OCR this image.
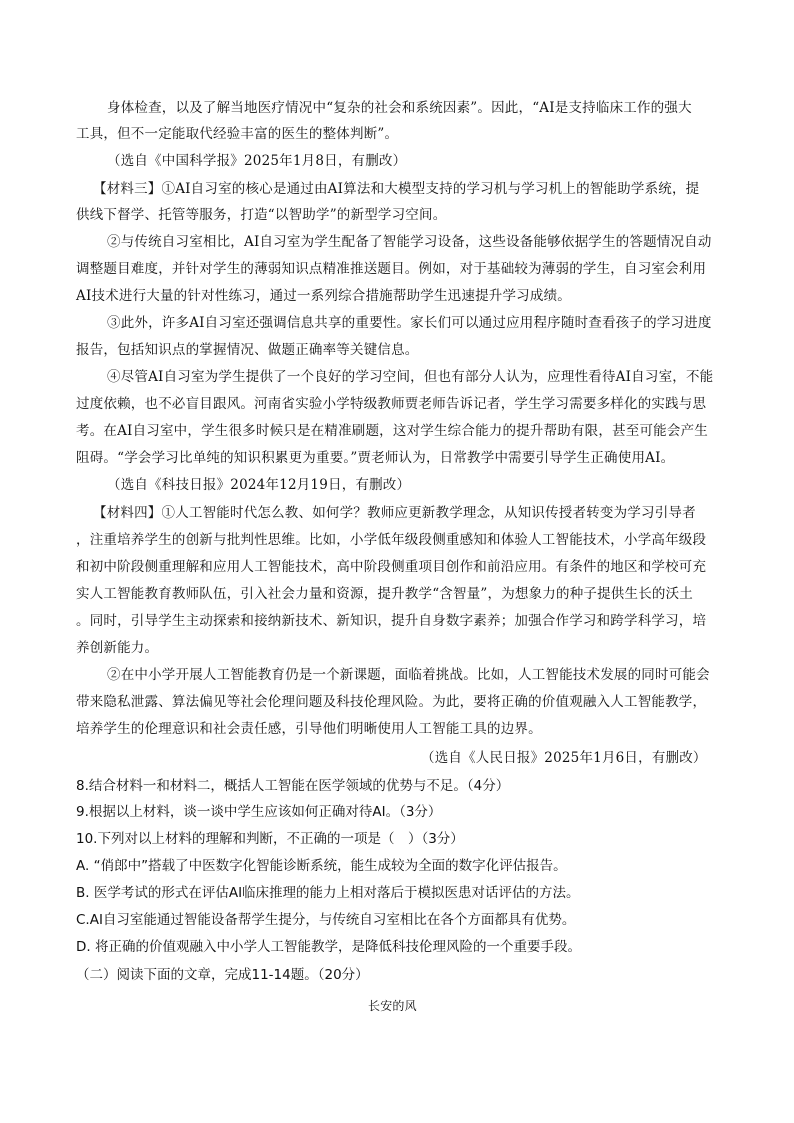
身体检查，以及了解当地医疗情况中“复杂的社会和系统因素”。因此，“AI是支持临床工作的强大
工具，但不一定能取代经验丰富的医生的整体判断”。
（选自《中国科学报》2025年1月8日，有删改）
【材料三】①AI自习室的核心是通过由AI算法和大模型支持的学习机与学习机上的智能助学系统，提
供线下督学、托管等服务，打造“以智助学”的新型学习空间。
②与传统自习室相比，AI自习室为学生配备了智能学习设备，这些设备能够依据学生的答题情况自动
调整题目难度，并针对学生的薄弱知识点精准推送题目。例如，对于基础较为薄弱的学生，自习室会利用
AI技术进行大量的针对性练习，通过一系列综合措施帮助学生迅速提升学习成绩。
③此外，许多AI自习室还强调信息共享的重要性。家长们可以通过应用程序随时查看孩子的学习进度
报告，包括知识点的掌握情况、做题正确率等关键信息。
④尽管AI自习室为学生提供了一个良好的学习空间，但也有部分人认为，应理性看待AI自习室，不能
过度依赖，也不必盲目跟风。河南省实验小学特级教师贾老师告诉记者，学生学习需要多样化的实践与思
考。在AI自习室中，学生很多时候只是在精准刷题，这对学生综合能力的提升帮助有限，甚至可能会产生
阻碍。“学会学习比单纯的知识积累更为重要。”贾老师认为，日常教学中需要引导学生正确使用AI。
（选自《科技日报》2024年12月19日，有删改）
【材料四】①人工智能时代怎么教、如何学？教师应更新教学理念，从知识传授者转变为学习引导者
，注重培养学生的创新与批判性思维。比如，小学低年级段侧重感知和体验人工智能技术，小学高年级段
和初中阶段侧重理解和应用人工智能技术，高中阶段侧重项目创作和前沿应用。有条件的地区和学校可充
实人工智能教育教师队伍，引入社会力量和资源，提升教学“含智量”，为想象力的种子提供生长的沃土
。同时，引导学生主动探索和接纳新技术、新知识，提升自身数字素养；加强合作学习和跨学科学习，培
养创新能力。
②在中小学开展人工智能教育仍是一个新课题，面临着挑战。比如，人工智能技术发展的同时可能会
带来隐私泄露、算法偏见等社会伦理问题及科技伦理风险。为此，要将正确的价值观融入人工智能教学，
培养学生的伦理意识和社会责任感，引导他们明晰使用人工智能工具的边界。
（选自《人民日报》2025年1月6日，有删改）
8.结合材料一和材料二，概括人工智能在医学领域的优势与不足。（4分）
9.根据以上材料，谈一谈中学生应该如何正确对待AI。（3分）
10.下列对以上材料的理解和判断，不正确的一项是（　）（3分）
A. “俏郎中”搭载了中医数字化智能诊断系统，能生成较为全面的数字化评估报告。
B. 医学考试的形式在评估AI临床推理的能力上相对落后于模拟医患对话评估的方法。
C.AI自习室能通过智能设备帮学生提分，与传统自习室相比在各个方面都具有优势。
D. 将正确的价值观融入中小学人工智能教学，是降低科技伦理风险的一个重要手段。
（二）阅读下面的文章，完成11-14题。（20分）
长安的风
